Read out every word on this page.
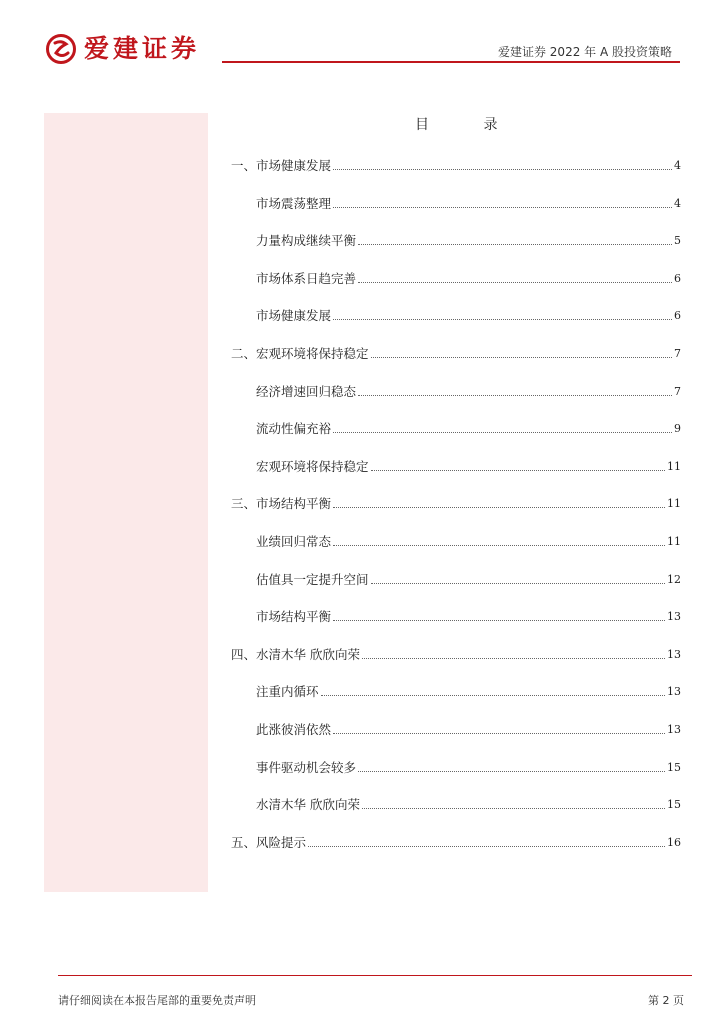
爱建证券	爱建证券 2022 年 A 股投资策略
目 录
一、市场健康发展	4
市场震荡整理	4
力量构成继续平衡	5
市场体系日趋完善	6
市场健康发展	6
二、宏观环境将保持稳定	7
经济增速回归稳态	7
流动性偏充裕	9
宏观环境将保持稳定	11
三、市场结构平衡	11
业绩回归常态	11
估值具一定提升空间	12
市场结构平衡	13
四、水清木华 欣欣向荣	13
注重内循环	13
此涨彼消依然	13
事件驱动机会较多	15
水清木华 欣欣向荣	15
五、风险提示	16
请仔细阅读在本报告尾部的重要免责声明	第 2 页
